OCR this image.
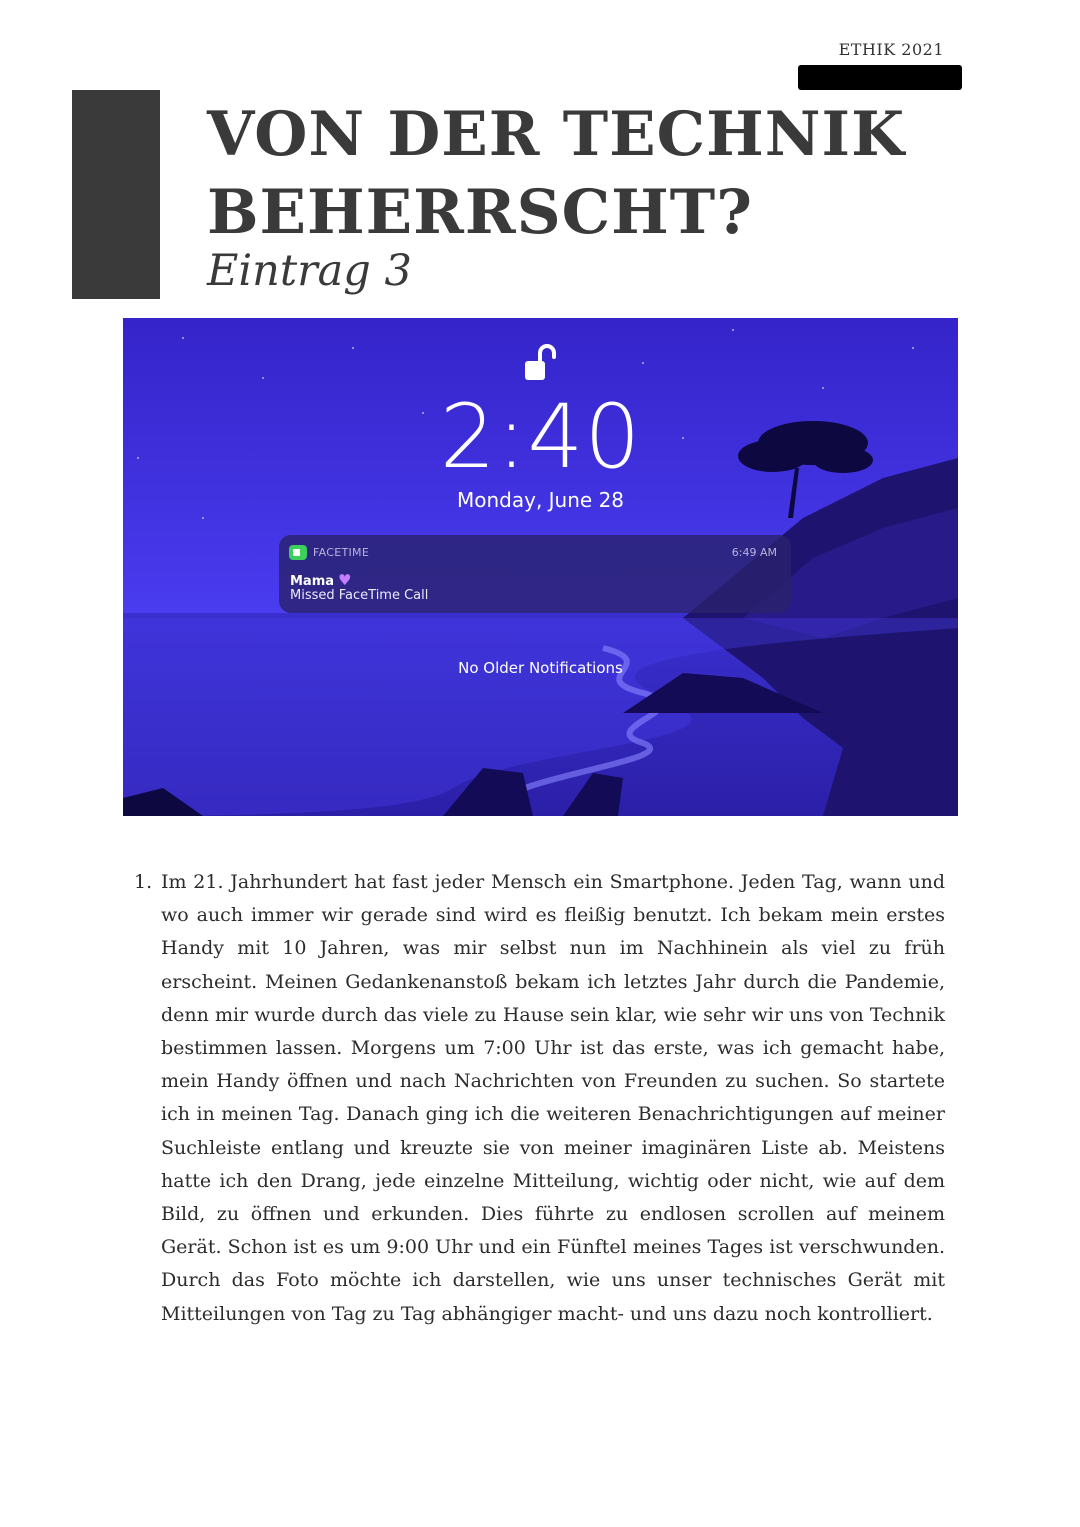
ETHIK 2021
VON DER TECHNIK
BEHERRSCHT?
Eintrag 3
2:40
Monday, June 28
FACETIME	6:49 AM
Mama ♥
Missed FaceTime Call
No Older Notifications
1. Im 21. Jahrhundert hat fast jeder Mensch ein Smartphone. Jeden Tag, wann und wo auch immer wir gerade sind wird es fleißig benutzt. Ich bekam mein erstes Handy mit 10 Jahren, was mir selbst nun im Nachhinein als viel zu früh erscheint. Meinen Gedankenanstoß bekam ich letztes Jahr durch die Pandemie, denn mir wurde durch das viele zu Hause sein klar, wie sehr wir uns von Technik bestimmen lassen. Morgens um 7:00 Uhr ist das erste, was ich gemacht habe, mein Handy öffnen und nach Nachrichten von Freunden zu suchen. So startete ich in meinen Tag. Danach ging ich die weiteren Benachrichtigungen auf meiner Suchleiste entlang und kreuzte sie von meiner imaginären Liste ab. Meistens hatte ich den Drang, jede einzelne Mitteilung, wichtig oder nicht, wie auf dem Bild, zu öffnen und erkunden. Dies führte zu endlosen scrollen auf meinem Gerät. Schon ist es um 9:00 Uhr und ein Fünftel meines Tages ist verschwunden. Durch das Foto möchte ich darstellen, wie uns unser technisches Gerät mit Mitteilungen von Tag zu Tag abhängiger macht- und uns dazu noch kontrolliert.
